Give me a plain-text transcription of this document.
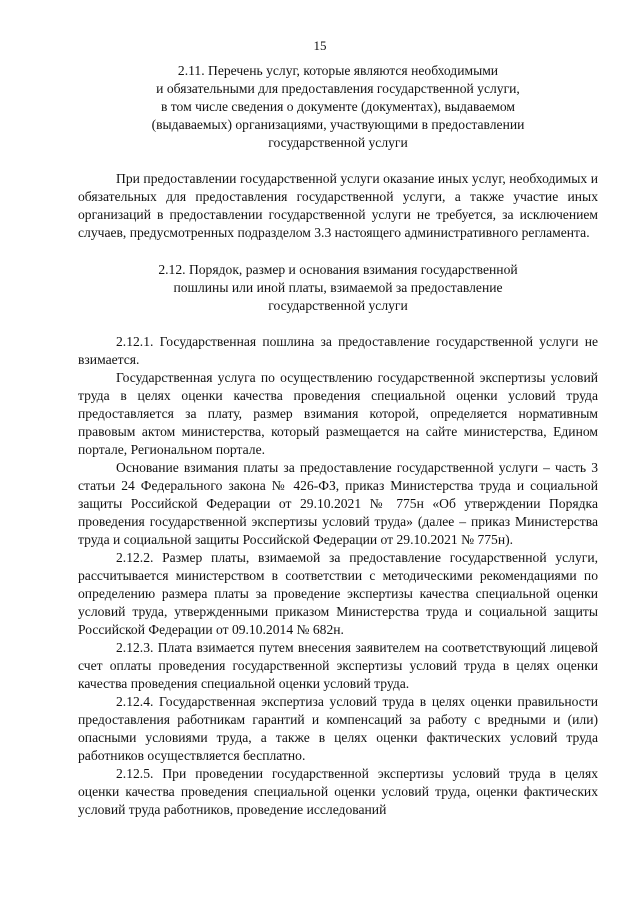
15
2.11. Перечень услуг, которые являются необходимыми
и обязательными для предоставления государственной услуги,
в том числе сведения о документе (документах), выдаваемом
(выдаваемых) организациями, участвующими в предоставлении
государственной услуги

При предоставлении государственной услуги оказание иных услуг, необходимых и обязательных для предоставления государственной услуги, а также участие иных организаций в предоставлении государственной услуги не требуется, за исключением случаев, предусмотренных подразделом 3.3 настоящего административного регламента.

2.12. Порядок, размер и основания взимания государственной
пошлины или иной платы, взимаемой за предоставление
государственной услуги

2.12.1. Государственная пошлина за предоставление государственной услуги не взимается.

Государственная услуга по осуществлению государственной экспертизы условий труда в целях оценки качества проведения специальной оценки условий труда предоставляется за плату, размер взимания которой, определяется нормативным правовым актом министерства, который размещается на сайте министерства, Едином портале, Региональном портале.

Основание взимания платы за предоставление государственной услуги – часть 3 статьи 24 Федерального закона № 426-ФЗ, приказ Министерства труда и социальной защиты Российской Федерации от 29.10.2021 № 775н «Об утверждении Порядка проведения государственной экспертизы условий труда» (далее – приказ Министерства труда и социальной защиты Российской Федерации от 29.10.2021 № 775н).

2.12.2. Размер платы, взимаемой за предоставление государственной услуги, рассчитывается министерством в соответствии с методическими рекомендациями по определению размера платы за проведение экспертизы качества специальной оценки условий труда, утвержденными приказом Министерства труда и социальной защиты Российской Федерации от 09.10.2014 № 682н.

2.12.3. Плата взимается путем внесения заявителем на соответствующий лицевой счет оплаты проведения государственной экспертизы условий труда в целях оценки качества проведения специальной оценки условий труда.

2.12.4. Государственная экспертиза условий труда в целях оценки правильности предоставления работникам гарантий и компенсаций за работу с вредными и (или) опасными условиями труда, а также в целях оценки фактических условий труда работников осуществляется бесплатно.

2.12.5. При проведении государственной экспертизы условий труда в целях оценки качества проведения специальной оценки условий труда, оценки фактических условий труда работников, проведение исследований
